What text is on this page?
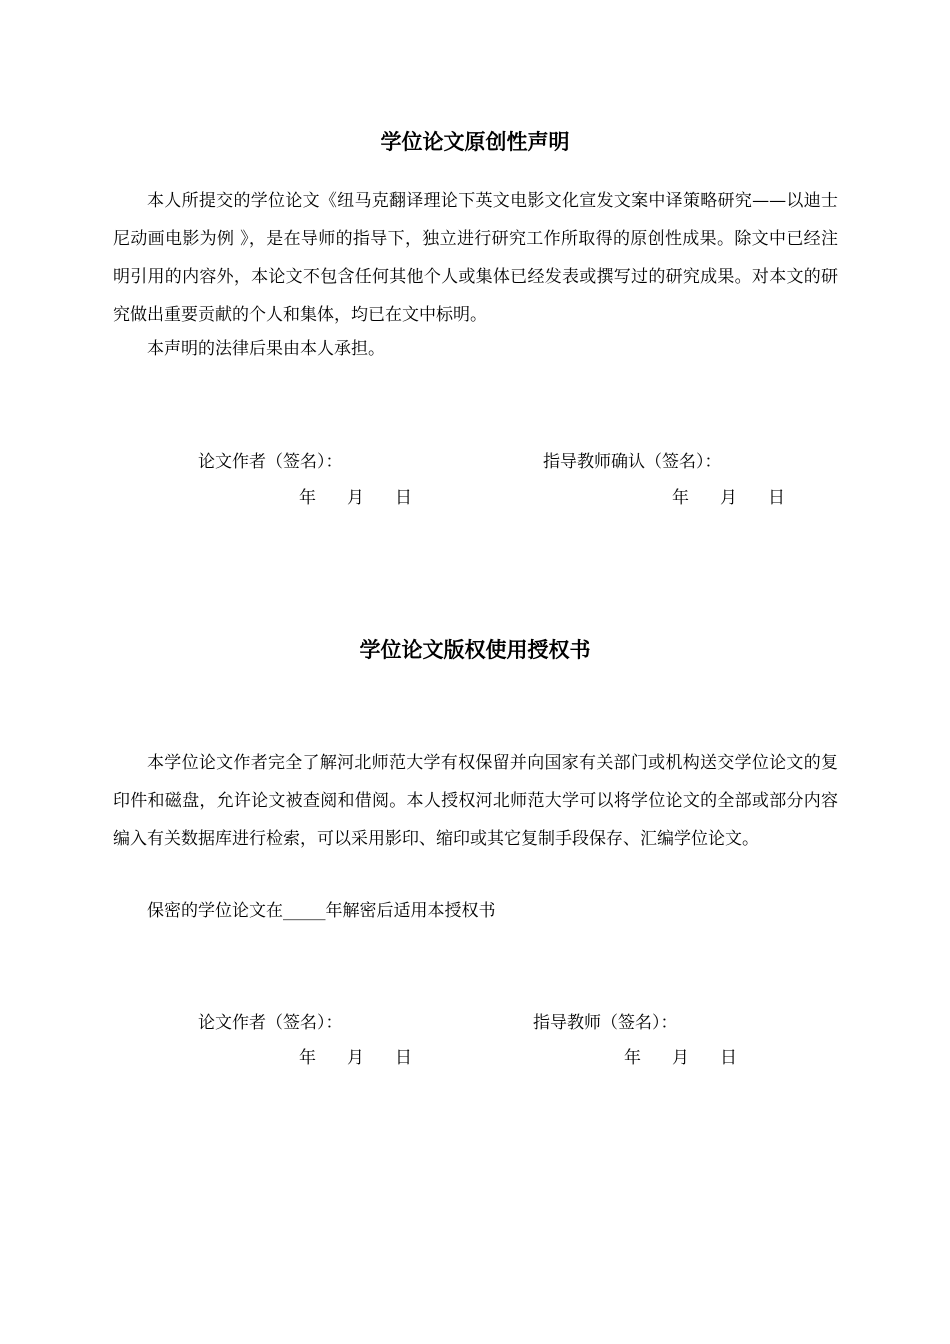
学位论文原创性声明

本人所提交的学位论文《纽马克翻译理论下英文电影文化宣发文案中译策略研究——以迪士尼动画电影为例 》，是在导师的指导下，独立进行研究工作所取得的原创性成果。除文中已经注明引用的内容外，本论文不包含任何其他个人或集体已经发表或撰写过的研究成果。对本文的研究做出重要贡献的个人和集体，均已在文中标明。

本声明的法律后果由本人承担。

论文作者（签名）：	指导教师确认（签名）：
年 月 日	年 月 日
学位论文版权使用授权书

本学位论文作者完全了解河北师范大学有权保留并向国家有关部门或机构送交学位论文的复印件和磁盘，允许论文被查阅和借阅。本人授权河北师范大学可以将学位论文的全部或部分内容编入有关数据库进行检索，可以采用影印、缩印或其它复制手段保存、汇编学位论文。

保密的学位论文在_____年解密后适用本授权书

论文作者（签名）：	指导教师（签名）：
年 月 日	年 月 日
